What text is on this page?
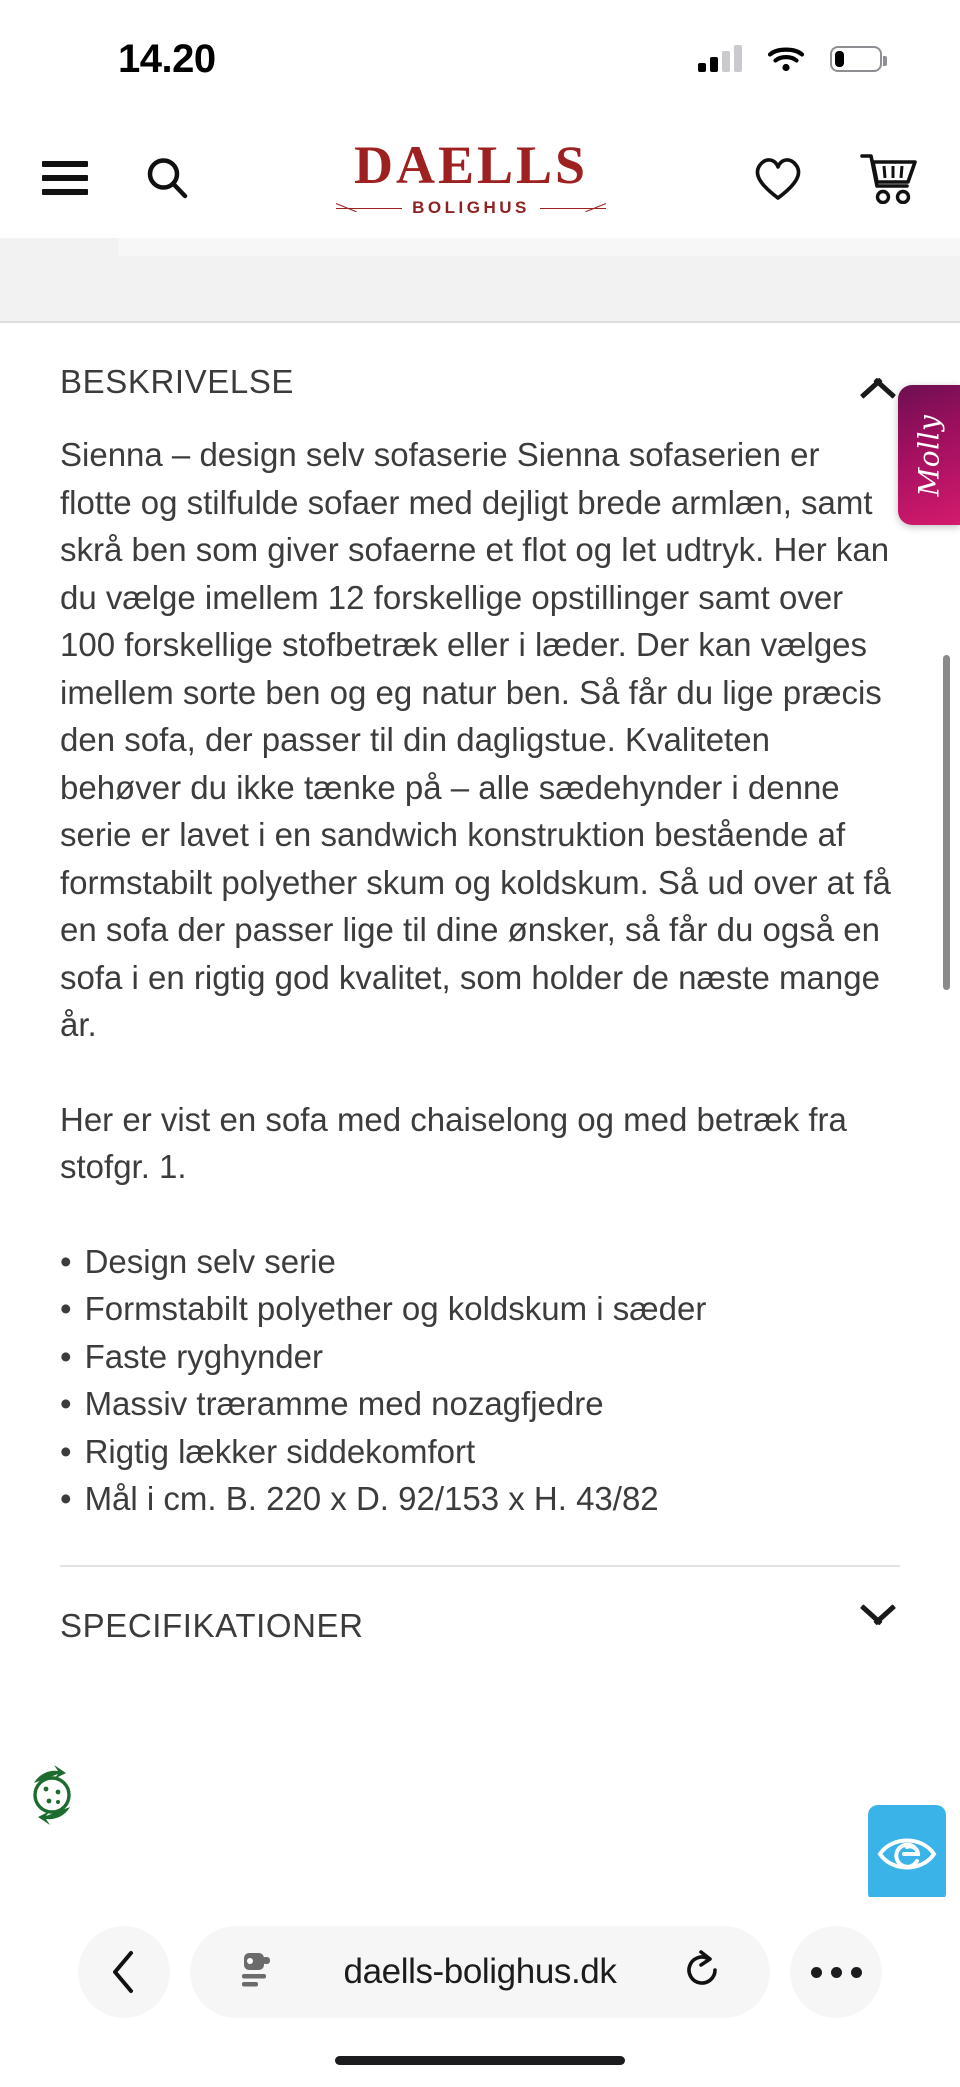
14.20
DAELLS
BOLIGHUS
Molly
BESKRIVELSE

Sienna – design selv sofaserie Sienna sofaserien er flotte og stilfulde sofaer med dejligt brede armlæn, samt skrå ben som giver sofaerne et flot og let udtryk. Her kan du vælge imellem 12 forskellige opstillinger samt over 100 forskellige stofbetræk eller i læder. Der kan vælges imellem sorte ben og eg natur ben. Så får du lige præcis den sofa, der passer til din dagligstue. Kvaliteten behøver du ikke tænke på – alle sædehynder i denne serie er lavet i en sandwich konstruktion bestående af formstabilt polyether skum og koldskum. Så ud over at få en sofa der passer lige til dine ønsker, så får du også en sofa i en rigtig god kvalitet, som holder de næste mange år.

Her er vist en sofa med chaiselong og med betræk fra stofgr. 1.

• Design selv serie
• Formstabilt polyether og koldskum i sæder
• Faste ryghynder
• Massiv træramme med nozagfjedre
• Rigtig lækker siddekomfort
• Mål i cm. B. 220 x D. 92/153 x H. 43/82
SPECIFIKATIONER
daells-bolighus.dk
